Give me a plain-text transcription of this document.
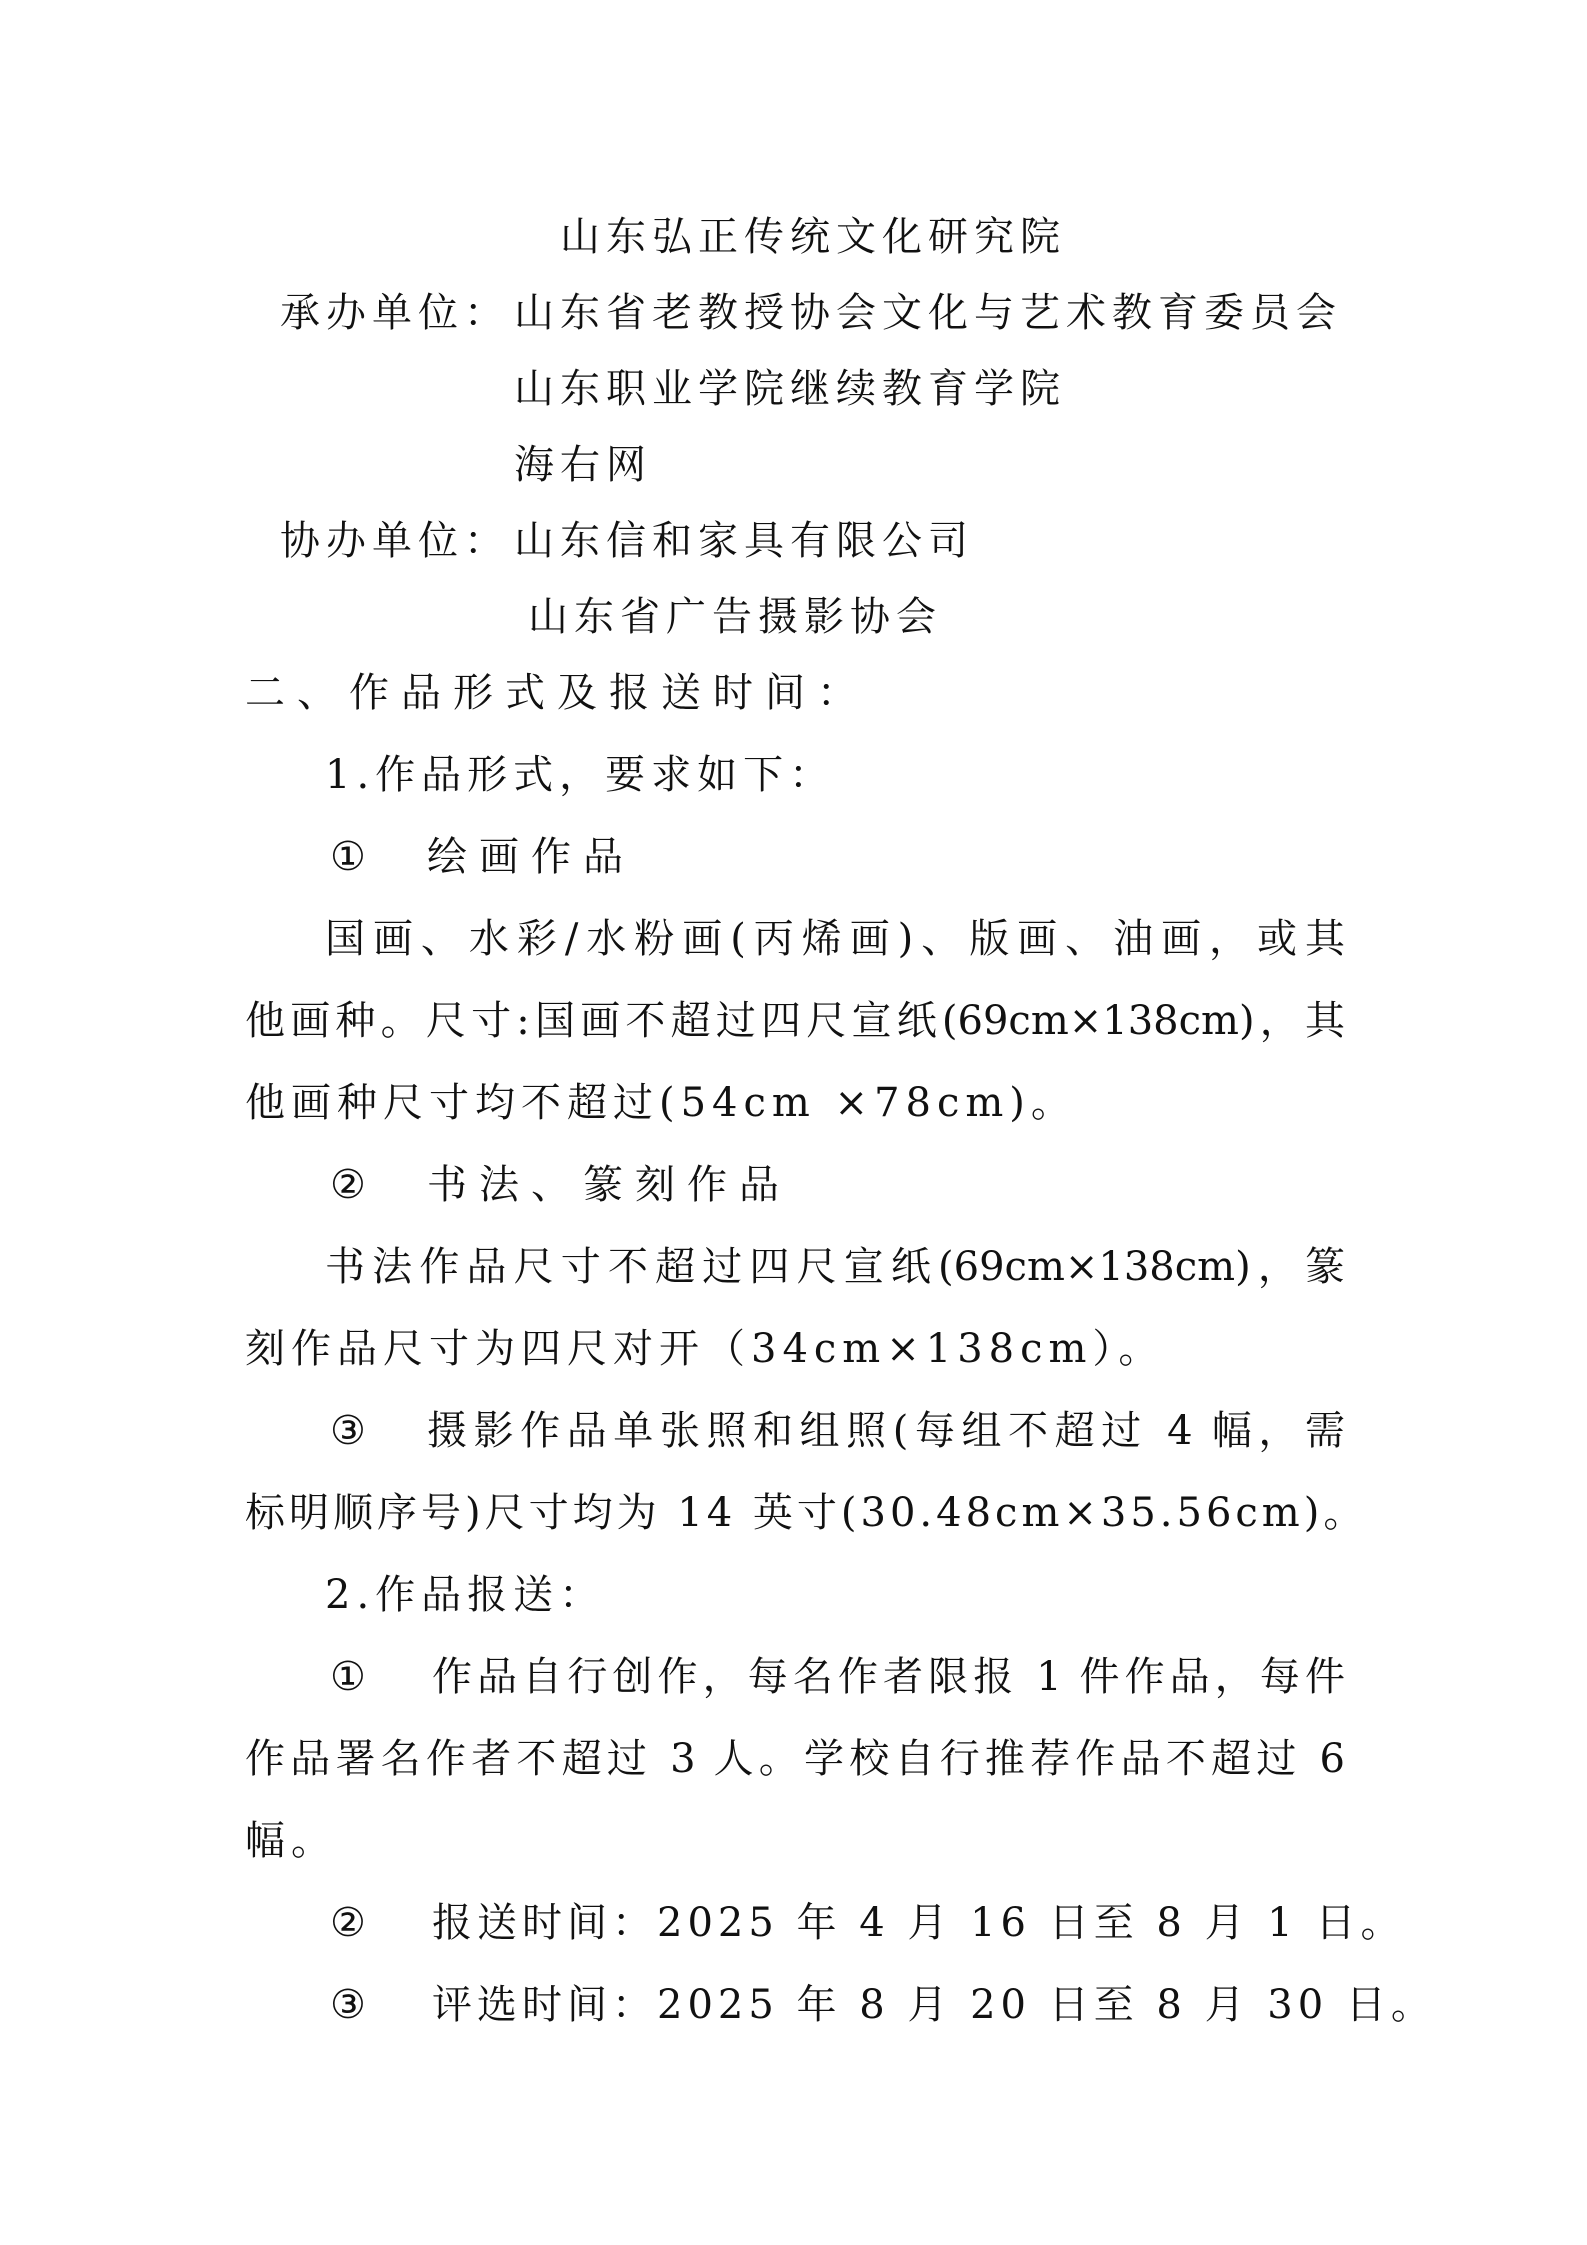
山东弘正传统文化研究院
承办单位： 山东省老教授协会文化与艺术教育委员会
山东职业学院继续教育学院
海右网
协办单位： 山东信和家具有限公司
山东省广告摄影协会
二、作品形式及报送时间：
1.作品形式，要求如下：
① 绘画作品
国画、水彩/水粉画(丙烯画)、版画、油画，或其
他画种。尺寸:国画不超过四尺宣纸(69cm×138cm)，其
他画种尺寸均不超过(54cm ×78cm)。
② 书法、篆刻作品
书法作品尺寸不超过四尺宣纸(69cm×138cm)，篆
刻作品尺寸为四尺对开（34cm×138cm）。
③ 摄影作品单张照和组照(每组不超过 4 幅，需
标明顺序号)尺寸均为 14 英寸(30.48cm×35.56cm)。
2.作品报送：
① 作品自行创作，每名作者限报 1 件作品，每件
作品署名作者不超过 3 人。学校自行推荐作品不超过 6
幅。
② 报送时间：2025 年 4 月 16 日至 8 月 1 日。
③ 评选时间：2025 年 8 月 20 日至 8 月 30 日。
